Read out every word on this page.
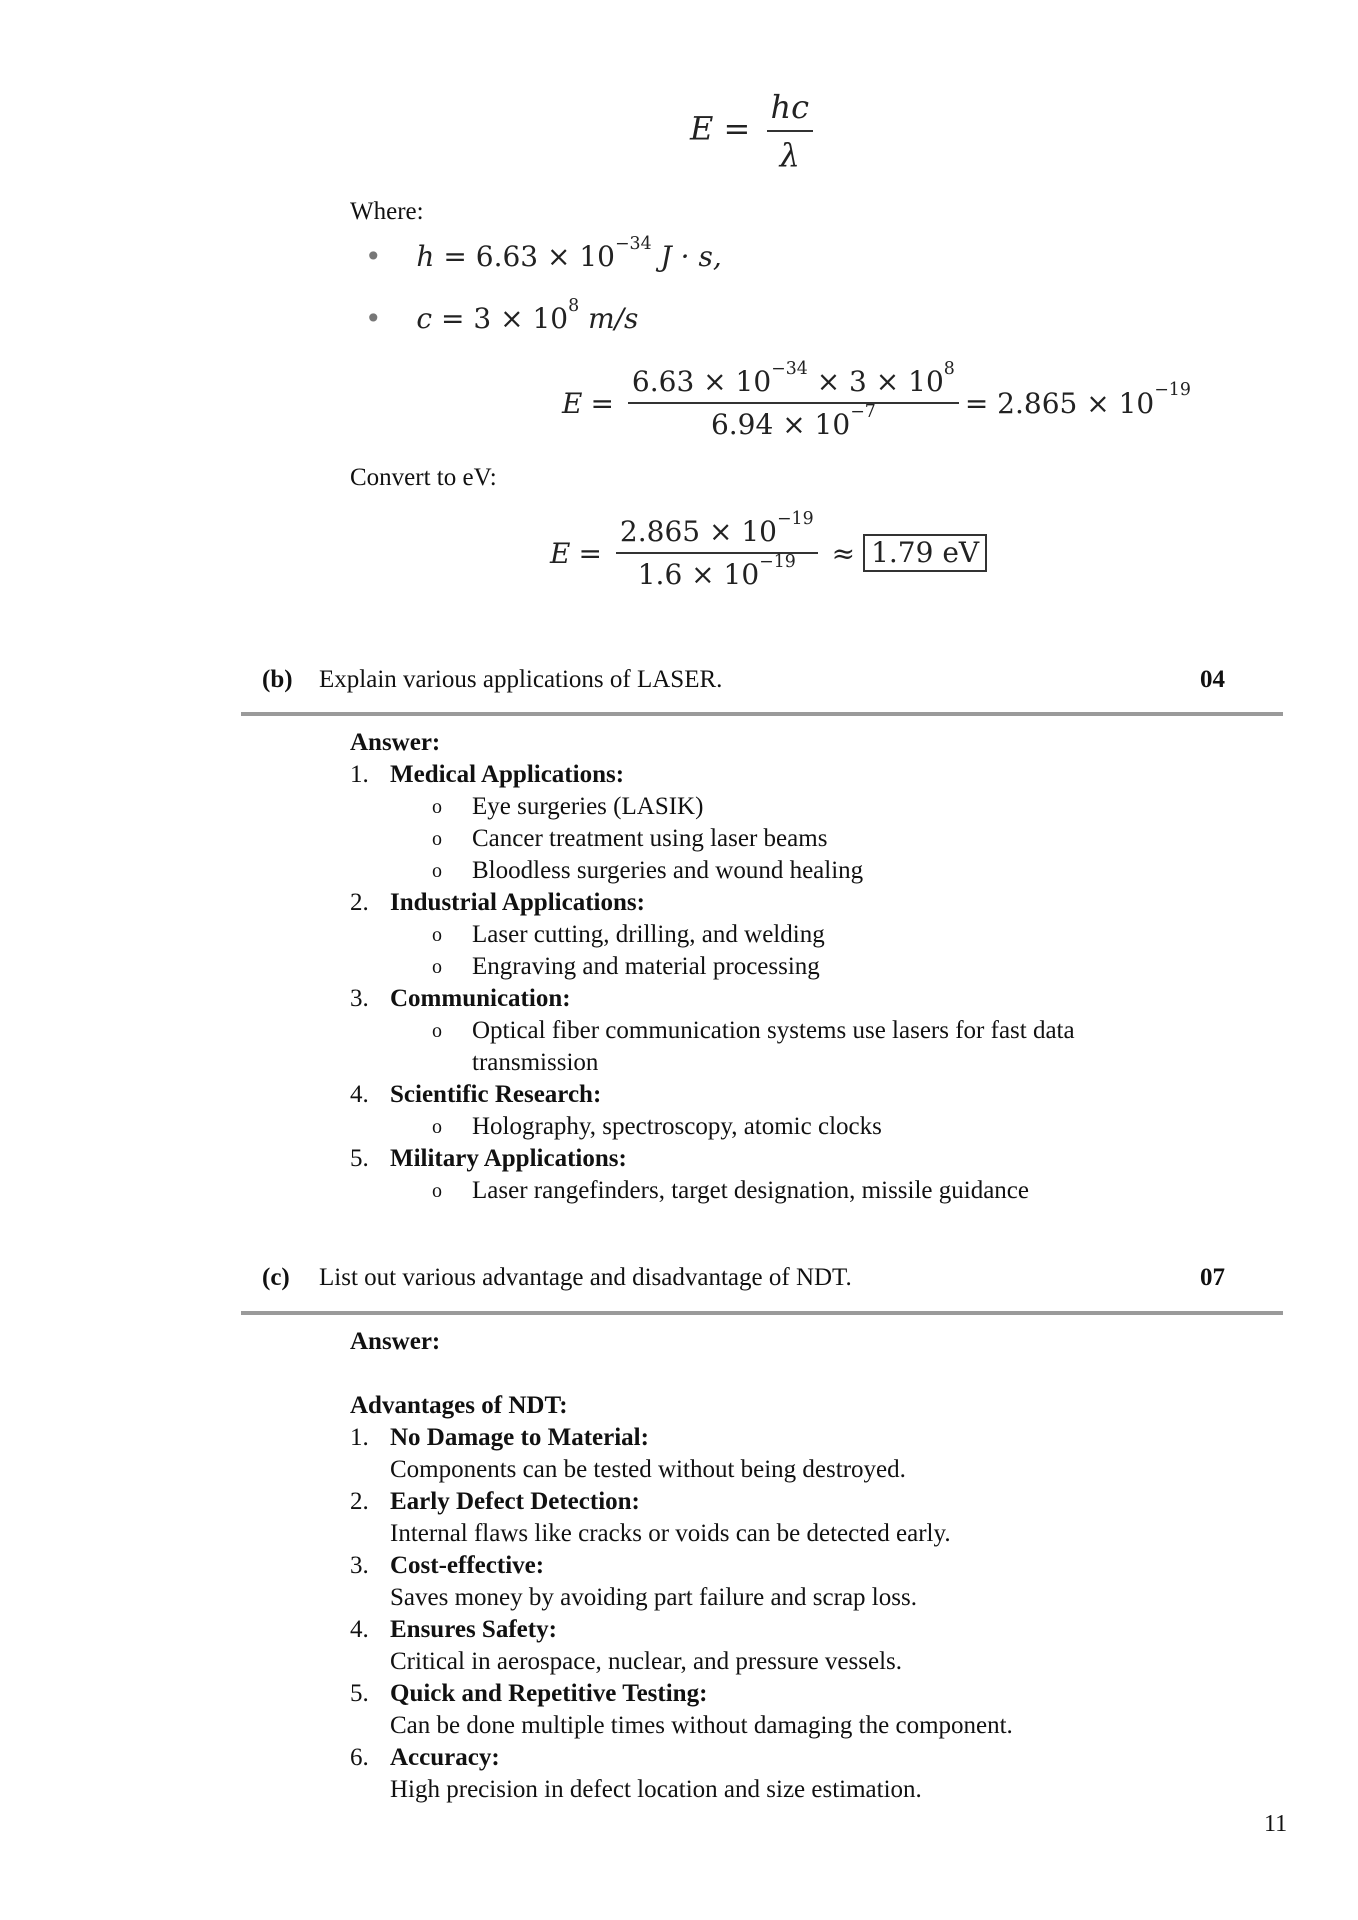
$E = \frac{hc}{\lambda}$
Where:
• $h = 6.63 \times 10^{-34}$ J · s,
• $c = 3 \times 10^8$ m/s
$E = \frac{6.63 \times 10^{-34} \times 3 \times 10^8}{6.94 \times 10^{-7}} = 2.865 \times 10^{-19}$
Convert to eV:
$E = \frac{2.865 \times 10^{-19}}{1.6 \times 10^{-19}} \approx 1.79$ eV
(b) Explain various applications of LASER.	04
Answer:
1. Medical Applications:
o Eye surgeries (LASIK)
o Cancer treatment using laser beams
o Bloodless surgeries and wound healing
2. Industrial Applications:
o Laser cutting, drilling, and welding
o Engraving and material processing
3. Communication:
o Optical fiber communication systems use lasers for fast data
transmission
4. Scientific Research:
o Holography, spectroscopy, atomic clocks
5. Military Applications:
o Laser rangefinders, target designation, missile guidance
(c) List out various advantage and disadvantage of NDT.	07
Answer:
Advantages of NDT:
1. No Damage to Material:
Components can be tested without being destroyed.
2. Early Defect Detection:
Internal flaws like cracks or voids can be detected early.
3. Cost-effective:
Saves money by avoiding part failure and scrap loss.
4. Ensures Safety:
Critical in aerospace, nuclear, and pressure vessels.
5. Quick and Repetitive Testing:
Can be done multiple times without damaging the component.
6. Accuracy:
High precision in defect location and size estimation.
11
